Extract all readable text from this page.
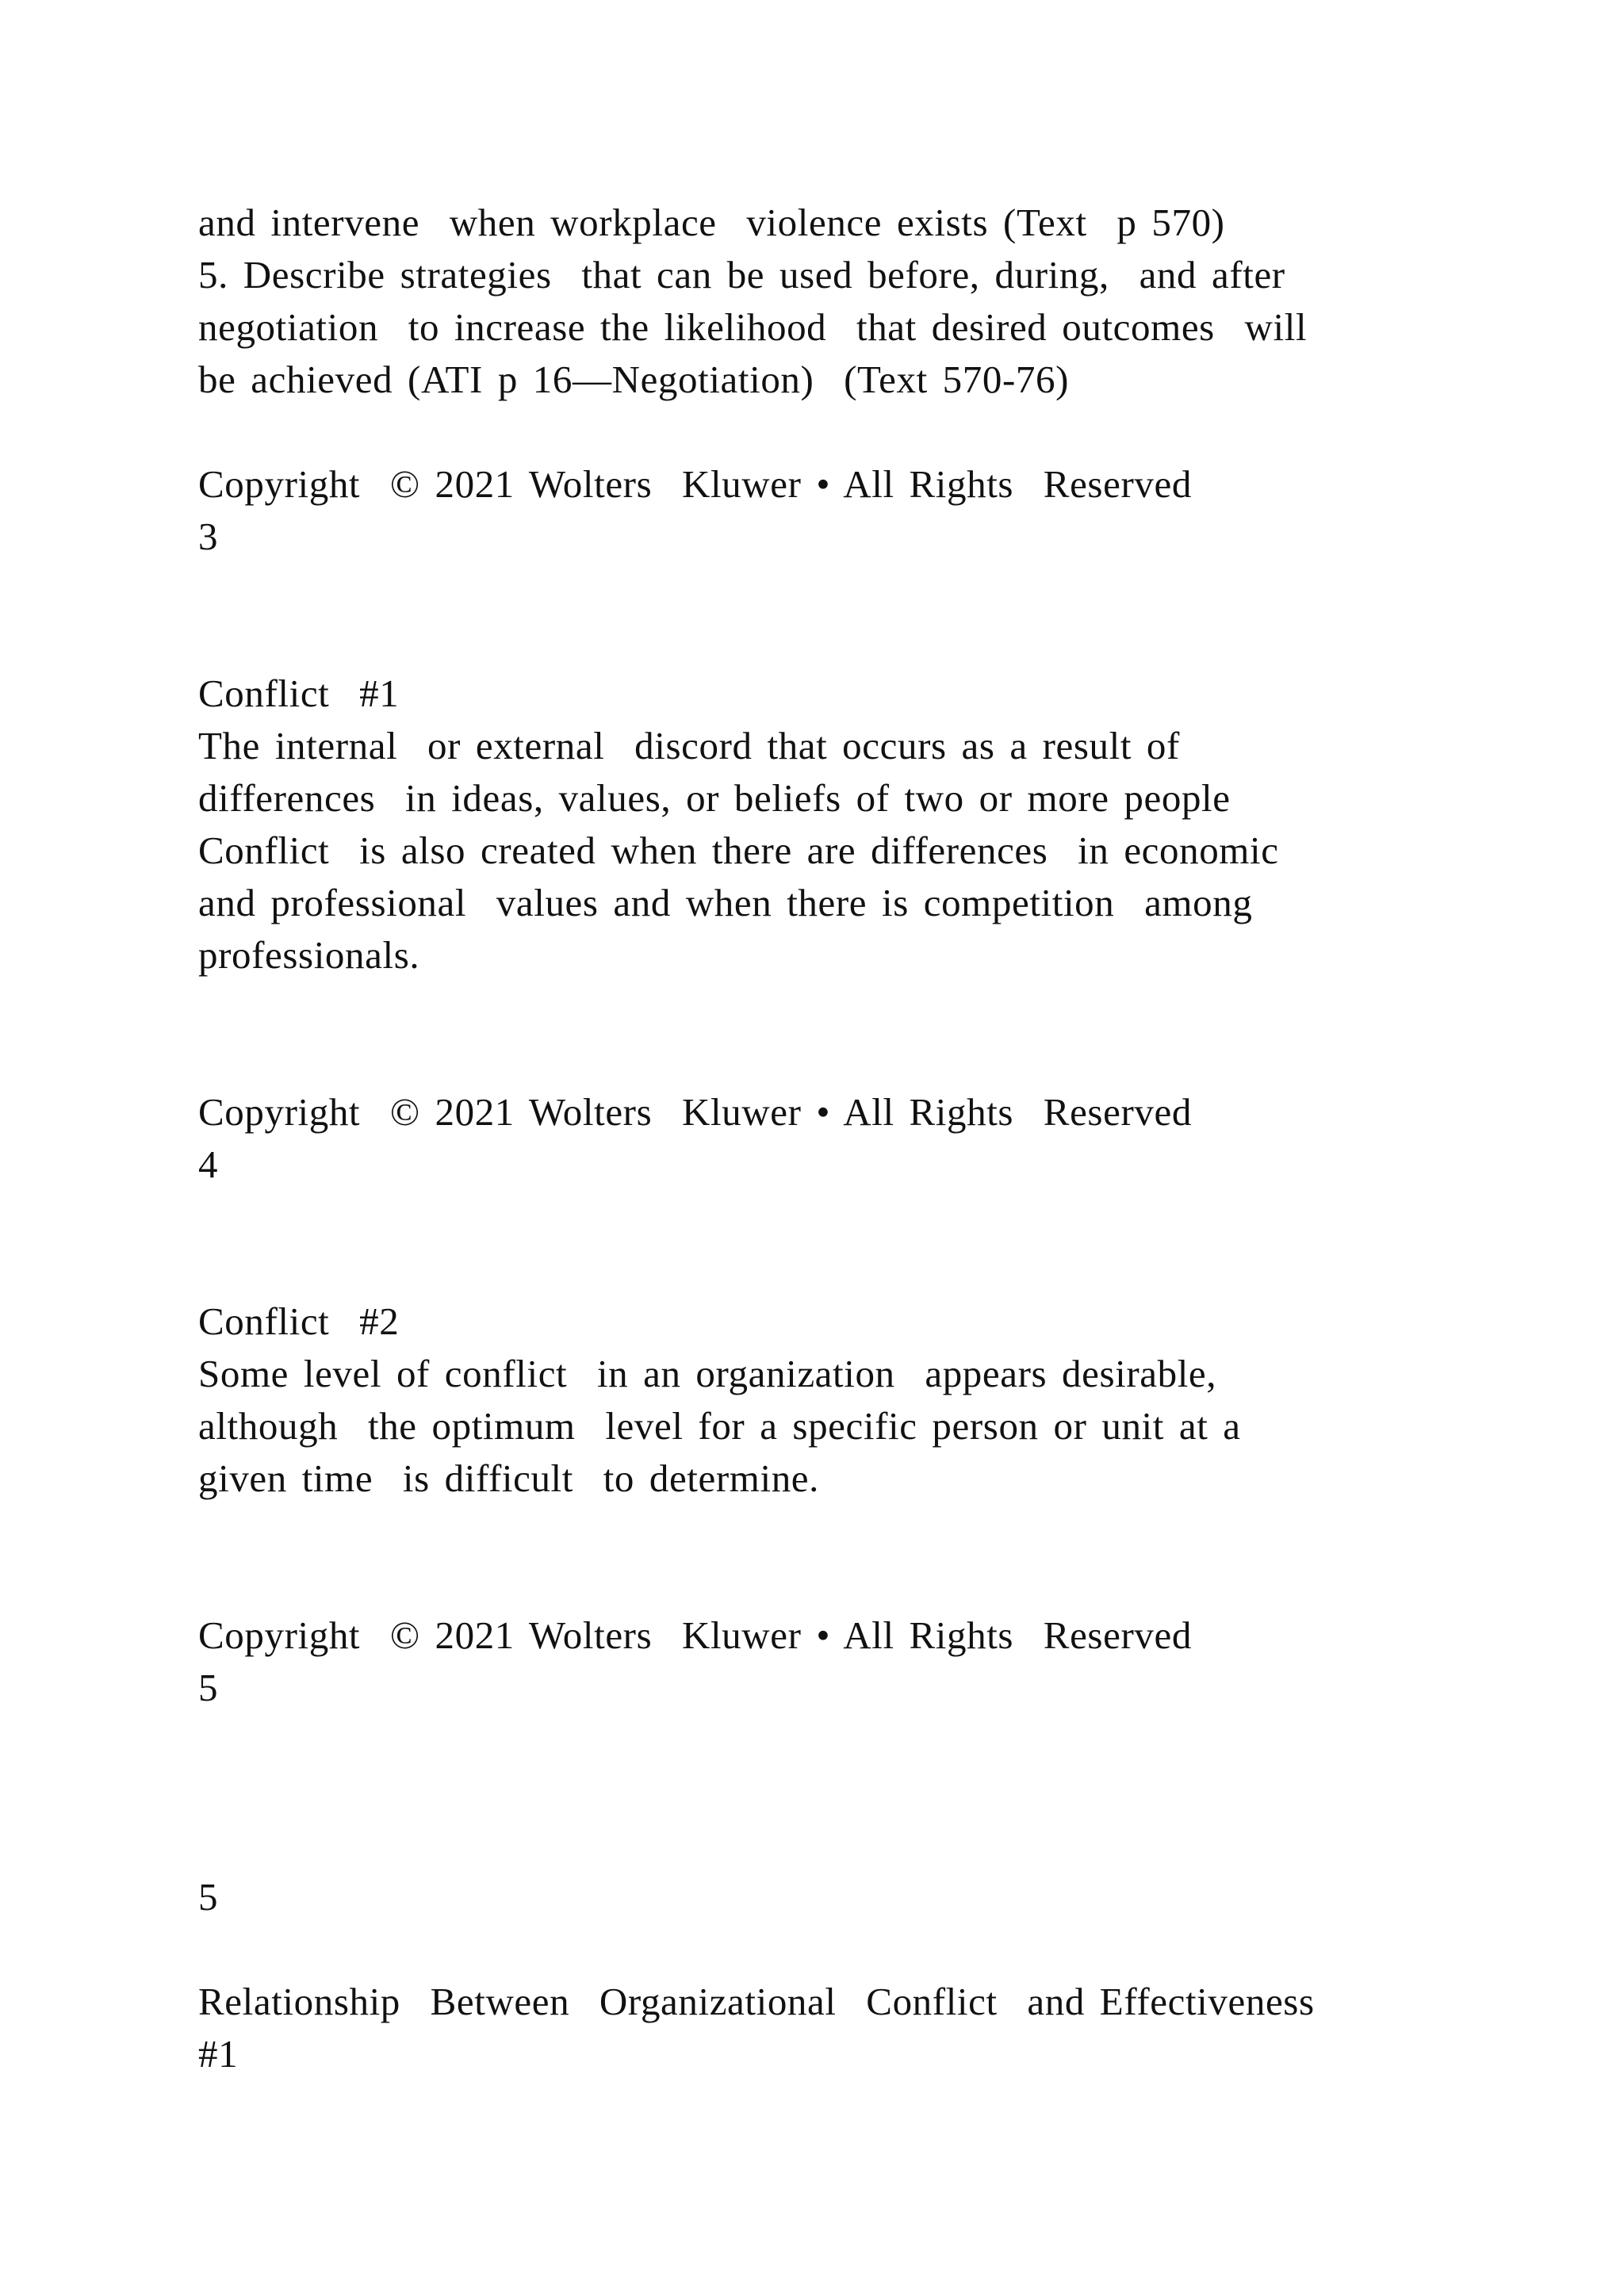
and intervene  when workplace  violence exists (Text  p 570)

5. Describe strategies  that can be used before, during,  and after

negotiation  to increase the likelihood  that desired outcomes  will

be achieved (ATI p 16—Negotiation)  (Text 570-76)

Copyright  © 2021 Wolters  Kluwer • All Rights  Reserved

3

Conflict  #1

The internal  or external  discord that occurs as a result of

differences  in ideas, values, or beliefs of two or more people

Conflict  is also created when there are differences  in economic

and professional  values and when there is competition  among

professionals.

Copyright  © 2021 Wolters  Kluwer • All Rights  Reserved

4

Conflict  #2

Some level of conflict  in an organization  appears desirable,

although  the optimum  level for a specific person or unit at a

given time  is difficult  to determine.

Copyright  © 2021 Wolters  Kluwer • All Rights  Reserved

5

5

Relationship  Between  Organizational  Conflict  and Effectiveness

#1
